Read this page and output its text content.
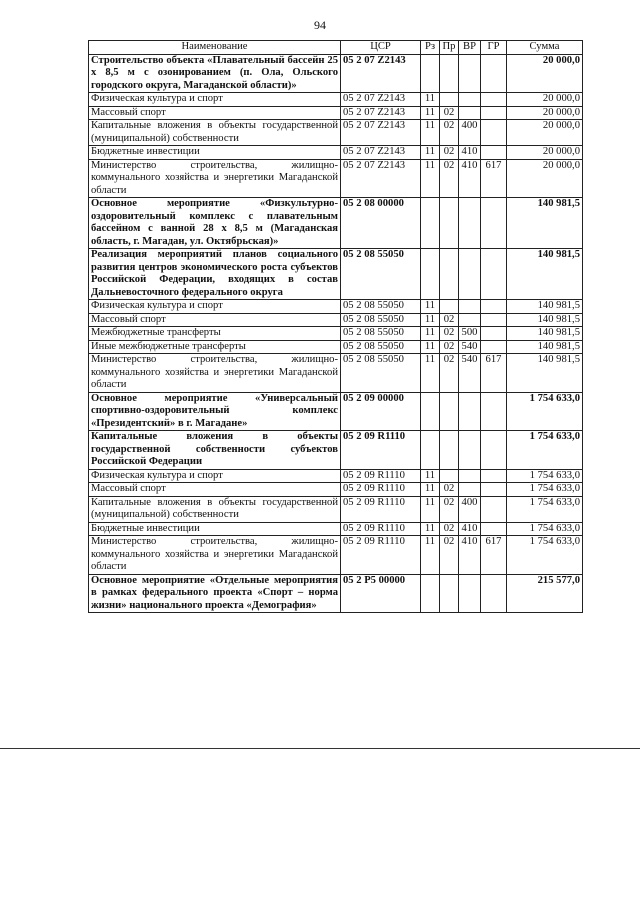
94
Наименование	ЦСР	Рз	Пр	ВР	ГР	Сумма
Строительство объекта «Плавательный бассейн 25 х 8,5 м с озонированием (п. Ола, Ольского городского округа, Магаданской области)»	05 2 07 Z2143					20 000,0
Физическая культура и спорт	05 2 07 Z2143	11				20 000,0
Массовый спорт	05 2 07 Z2143	11	02			20 000,0
Капитальные вложения в объекты государственной (муниципальной) собственности	05 2 07 Z2143	11	02	400		20 000,0
Бюджетные инвестиции	05 2 07 Z2143	11	02	410		20 000,0
Министерство строительства, жилищно-коммунального хозяйства и энергетики Магаданской области	05 2 07 Z2143	11	02	410	617	20 000,0
Основное мероприятие «Физкультурно-оздоровительный комплекс с плавательным бассейном с ванной 28 х 8,5 м (Магаданская область, г. Магадан, ул. Октябрьская)»	05 2 08 00000					140 981,5
Реализация мероприятий планов социального развития центров экономического роста субъектов Российской Федерации, входящих в состав Дальневосточного федерального округа	05 2 08 55050					140 981,5
Физическая культура и спорт	05 2 08 55050	11				140 981,5
Массовый спорт	05 2 08 55050	11	02			140 981,5
Межбюджетные трансферты	05 2 08 55050	11	02	500		140 981,5
Иные межбюджетные трансферты	05 2 08 55050	11	02	540		140 981,5
Министерство строительства, жилищно-коммунального хозяйства и энергетики Магаданской области	05 2 08 55050	11	02	540	617	140 981,5
Основное мероприятие «Универсальный спортивно-оздоровительный комплекс «Президентский» в г. Магадане»	05 2 09 00000					1 754 633,0
Капитальные вложения в объекты государственной собственности субъектов Российской Федерации	05 2 09 R1110					1 754 633,0
Физическая культура и спорт	05 2 09 R1110	11				1 754 633,0
Массовый спорт	05 2 09 R1110	11	02			1 754 633,0
Капитальные вложения в объекты государственной (муниципальной) собственности	05 2 09 R1110	11	02	400		1 754 633,0
Бюджетные инвестиции	05 2 09 R1110	11	02	410		1 754 633,0
Министерство строительства, жилищно-коммунального хозяйства и энергетики Магаданской области	05 2 09 R1110	11	02	410	617	1 754 633,0
Основное мероприятие «Отдельные мероприятия в рамках федерального проекта «Спорт – норма жизни» национального проекта «Демография»	05 2 P5 00000					215 577,0
